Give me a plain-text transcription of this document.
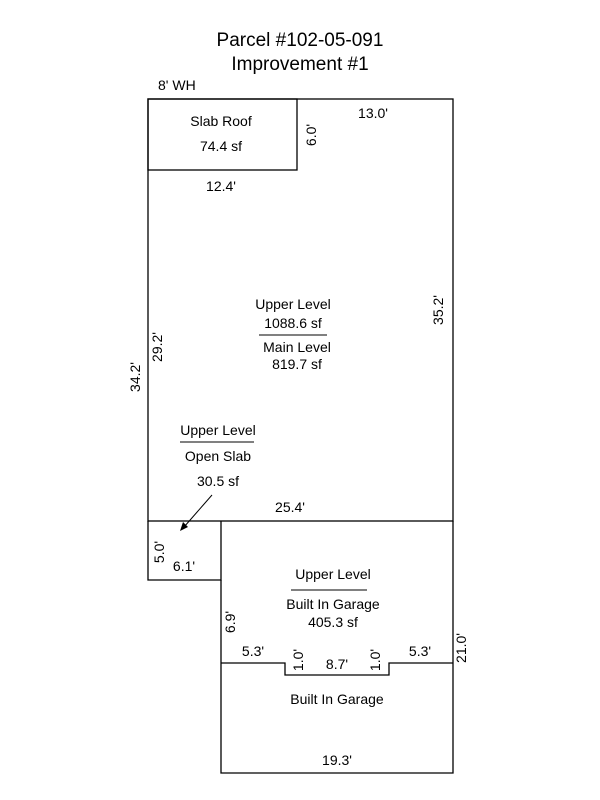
Parcel #102-05-091
Improvement #1
Slab Roof
74.4 sf
8' WH
13.0'
6.0'
12.4'
Upper Level
1088.6 sf
Main Level
819.7 sf
34.2'
29.2'
35.2'
Upper Level
Open Slab
30.5 sf
25.4'
5.0'
6.1'	Upper Level
Built In Garage
405.3 sf
6.9'
21.0'
5.3' 1.0' 8.7' 1.0' 5.3'
Built In Garage
19.3'
